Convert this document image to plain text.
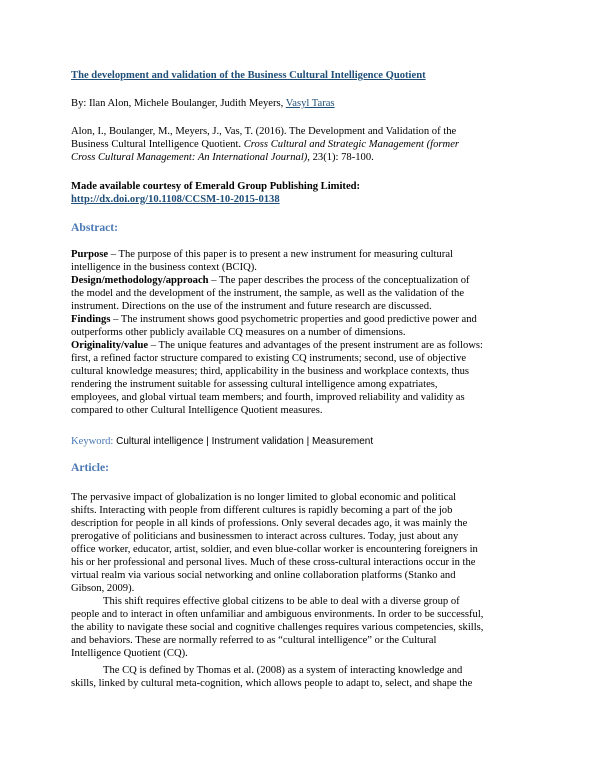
The development and validation of the Business Cultural Intelligence Quotient
By: Ilan Alon, Michele Boulanger, Judith Meyers, Vasyl Taras
Alon, I., Boulanger, M., Meyers, J., Vas, T. (2016). The Development and Validation of the
Business Cultural Intelligence Quotient. Cross Cultural and Strategic Management (former
Cross Cultural Management: An International Journal), 23(1): 78-100.
Made available courtesy of Emerald Group Publishing Limited:
http://dx.doi.org/10.1108/CCSM-10-2015-0138
Abstract:
Purpose – The purpose of this paper is to present a new instrument for measuring cultural
intelligence in the business context (BCIQ).
Design/methodology/approach – The paper describes the process of the conceptualization of
the model and the development of the instrument, the sample, as well as the validation of the
instrument. Directions on the use of the instrument and future research are discussed.
Findings – The instrument shows good psychometric properties and good predictive power and
outperforms other publicly available CQ measures on a number of dimensions.
Originality/value – The unique features and advantages of the present instrument are as follows:
first, a refined factor structure compared to existing CQ instruments; second, use of objective
cultural knowledge measures; third, applicability in the business and workplace contexts, thus
rendering the instrument suitable for assessing cultural intelligence among expatriates,
employees, and global virtual team members; and fourth, improved reliability and validity as
compared to other Cultural Intelligence Quotient measures.
Keyword: Cultural intelligence | Instrument validation | Measurement
Article:
The pervasive impact of globalization is no longer limited to global economic and political
shifts. Interacting with people from different cultures is rapidly becoming a part of the job
description for people in all kinds of professions. Only several decades ago, it was mainly the
prerogative of politicians and businessmen to interact across cultures. Today, just about any
office worker, educator, artist, soldier, and even blue-collar worker is encountering foreigners in
his or her professional and personal lives. Much of these cross-cultural interactions occur in the
virtual realm via various social networking and online collaboration platforms (Stanko and
Gibson, 2009).
This shift requires effective global citizens to be able to deal with a diverse group of
people and to interact in often unfamiliar and ambiguous environments. In order to be successful,
the ability to navigate these social and cognitive challenges requires various competencies, skills,
and behaviors. These are normally referred to as “cultural intelligence” or the Cultural
Intelligence Quotient (CQ).
The CQ is defined by Thomas et al. (2008) as a system of interacting knowledge and
skills, linked by cultural meta-cognition, which allows people to adapt to, select, and shape the
